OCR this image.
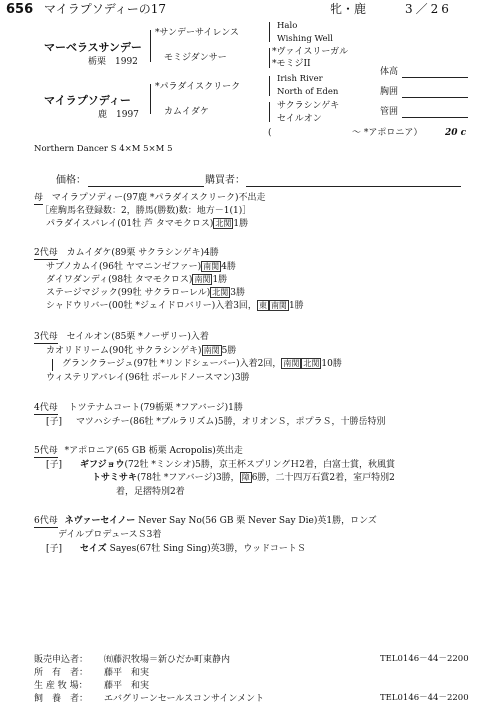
656 マイラプソディーの17	牝・鹿	3／26
マーベラスサンデー
栃栗　1992
*サンデーサイレンス
モミジダンサー
Halo
Wishing Well
*ヴァイスリーガル
*モミジII
マイラプソディー
鹿　1997
*パラダイスクリーク
カムイダケ
Irish River
North of Eden
サクラシンゲキ
セイルオン
(	～ *アポロニア）	20 c
Northern Dancer S 4×M 5×M 5
体高
胸囲
管囲
価格：	購買者：
母 マイラプソディー(97鹿 *パラダイスクリーク)不出走
［産駒馬名登録数：2，勝馬(勝数)数：地方－1(1)］
パラダイスバレイ(01牡 芦 タマモクロス) 北関 1勝
2代母 カムイダケ(89栗 サクラシンゲキ)4勝
サブノカムイ(96牡 ヤマニンゼファー) 南関 4勝
ダイワダンディ(98牡 タマモクロス) 南関 1勝
ステージマジック(99牡 サクラローレル) 北関 3勝
シャドウリバー(00牡 *ジェイドロバリー)入着3回， 東 南関 1勝
3代母 セイルオン(85栗 *ノーザリー)入着
カオリドリーム(90牝 サクラシンゲキ) 南関 5勝
グランクラージュ(97牡 *リンドシェーバー)入着2回， 南関 北関 10勝
ウィステリアバレイ(96牡 ボールドノースマン)3勝
4代母 トツテナムコート(79栃栗 *フアバージ)1勝
[子] マツハシチー(86牡 *ブルラリズム)5勝，オリオンＳ，ポプラＳ，十勝岳特別
5代母 *アポロニア(65 GB 栃栗 Acropolis)英出走
[子] ギフジョウ(72牡 *ミンシオ)5勝，京王杯スプリングＨ2着，白富士賞，秋風賞
トサミサキ(78牡 *フアバージ)3勝， 障 6勝，二十四万石賞2着，室戸特別2
着，足摺特別2着
6代母 ネヴァーセイノー Never Say No(56 GB 栗 Never Say Die)英1勝，ロンズ
デイルプロデュースＳ3着
[子] セイズ Sayes(67牡 Sing Sing)英3勝，ウッドコートＳ
販売申込者： ㈲藤沢牧場＝新ひだか町東静内	TEL0146－44－2200
所　有　者： 藤平　和実
生 産 牧 場： 藤平　和実
飼　養　者： エバグリーンセールスコンサインメント	TEL0146－44－2200
